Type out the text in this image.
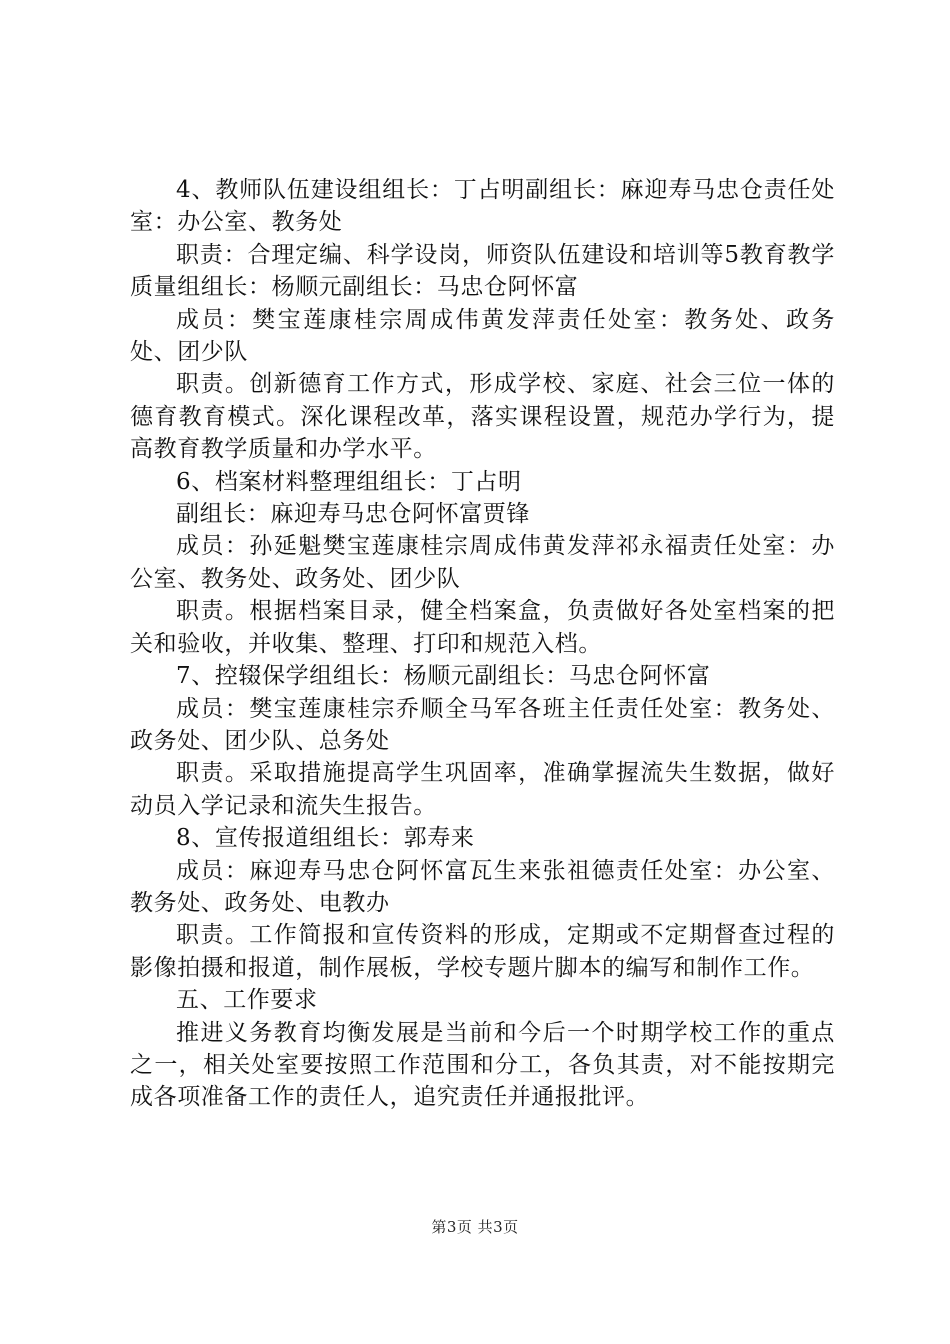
4、教师队伍建设组组长：丁占明副组长：麻迎寿马忠仓责任处室：办公室、教务处

职责：合理定编、科学设岗，师资队伍建设和培训等5教育教学质量组组长：杨顺元副组长：马忠仓阿怀富

成员：樊宝莲康桂宗周成伟黄发萍责任处室：教务处、政务处、团少队

职责。创新德育工作方式，形成学校、家庭、社会三位一体的德育教育模式。深化课程改革，落实课程设置，规范办学行为，提高教育教学质量和办学水平。

6、档案材料整理组组长：丁占明

副组长：麻迎寿马忠仓阿怀富贾锋

成员：孙延魁樊宝莲康桂宗周成伟黄发萍祁永福责任处室：办公室、教务处、政务处、团少队

职责。根据档案目录，健全档案盒，负责做好各处室档案的把关和验收，并收集、整理、打印和规范入档。

7、控辍保学组组长：杨顺元副组长：马忠仓阿怀富

成员：樊宝莲康桂宗乔顺全马军各班主任责任处室：教务处、政务处、团少队、总务处

职责。采取措施提高学生巩固率，准确掌握流失生数据，做好动员入学记录和流失生报告。

8、宣传报道组组长：郭寿来

成员：麻迎寿马忠仓阿怀富瓦生来张祖德责任处室：办公室、教务处、政务处、电教办

职责。工作简报和宣传资料的形成，定期或不定期督查过程的影像拍摄和报道，制作展板，学校专题片脚本的编写和制作工作。

五、工作要求

推进义务教育均衡发展是当前和今后一个时期学校工作的重点之一，相关处室要按照工作范围和分工，各负其责，对不能按期完成各项准备工作的责任人，追究责任并通报批评。

第3页 共3页
